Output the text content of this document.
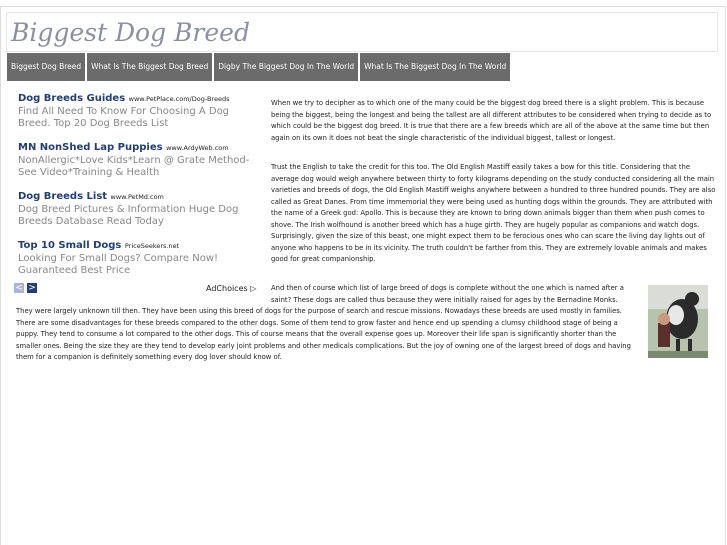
Biggest Dog Breed
Biggest Dog Breed	What Is The Biggest Dog Breed	Digby The Biggest Dog In The World	What Is The Biggest Dog In The World
Dog Breeds Guides www.PetPlace.com/Dog-Breeds
Find All Need To Know For Choosing A Dog Breed. Top 20 Dog Breeds List
MN NonShed Lap Puppies www.ArdyWeb.com
NonAllergic*Love Kids*Learn @ Grate Method-See Video*Training & Health
Dog Breeds List www.PetMd.com
Dog Breed Pictures & Information Huge Dog Breeds Database Read Today
Top 10 Small Dogs PriceSeekers.net
Looking For Small Dogs? Compare Now! Guaranteed Best Price
< >	AdChoices ▷
When we try to decipher as to which one of the many could be the biggest dog breed there is a slight problem. This is because being the biggest, being the longest and being the tallest are all different attributes to be considered when trying to decide as to which could be the biggest dog breed. It is true that there are a few breeds which are all of the above at the same time but then again on its own it does not beat the single characteristic of the individual biggest, tallest or longest.
Trust the English to take the credit for this too. The Old English Mastiff easily takes a bow for this title. Considering that the average dog would weigh anywhere between thirty to forty kilograms depending on the study conducted considering all the main varieties and breeds of dogs, the Old English Mastiff weighs anywhere between a hundred to three hundred pounds. They are also called as Great Danes. From time immemorial they were being used as hunting dogs within the grounds. They are attributed with the name of a Greek god: Apollo. This is because they are known to bring down animals bigger than them when push comes to shove. The Irish wolfhound is another breed which has a huge girth. They are hugely popular as companions and watch dogs. Surprisingly, given the size of this beast, one might expect them to be ferocious ones who can scare the living day lights out of anyone who happens to be in its vicinity. The truth couldn't be farther from this. They are extremely lovable animals and makes good for great companionship.
And then of course which list of large breed of dogs is complete without the one which is named after a saint? These dogs are called thus because they were initially raised for ages by the Bernadine Monks.
They were largely unknown till then. They have been using this breed of dogs for the purpose of search and rescue missions. Nowadays these breeds are used mostly in families. There are some disadvantages for these breeds compared to the other dogs. Some of them tend to grow faster and hence end up spending a clumsy childhood stage of being a puppy. They tend to consume a lot compared to the other dogs. This of course means that the overall expense goes up. Moreover their life span is significantly shorter than the smaller ones. Being the size they are they tend to develop early joint problems and other medicals complications. But the joy of owning one of the largest breed of dogs and having them for a companion is definitely something every dog lover should know of.
